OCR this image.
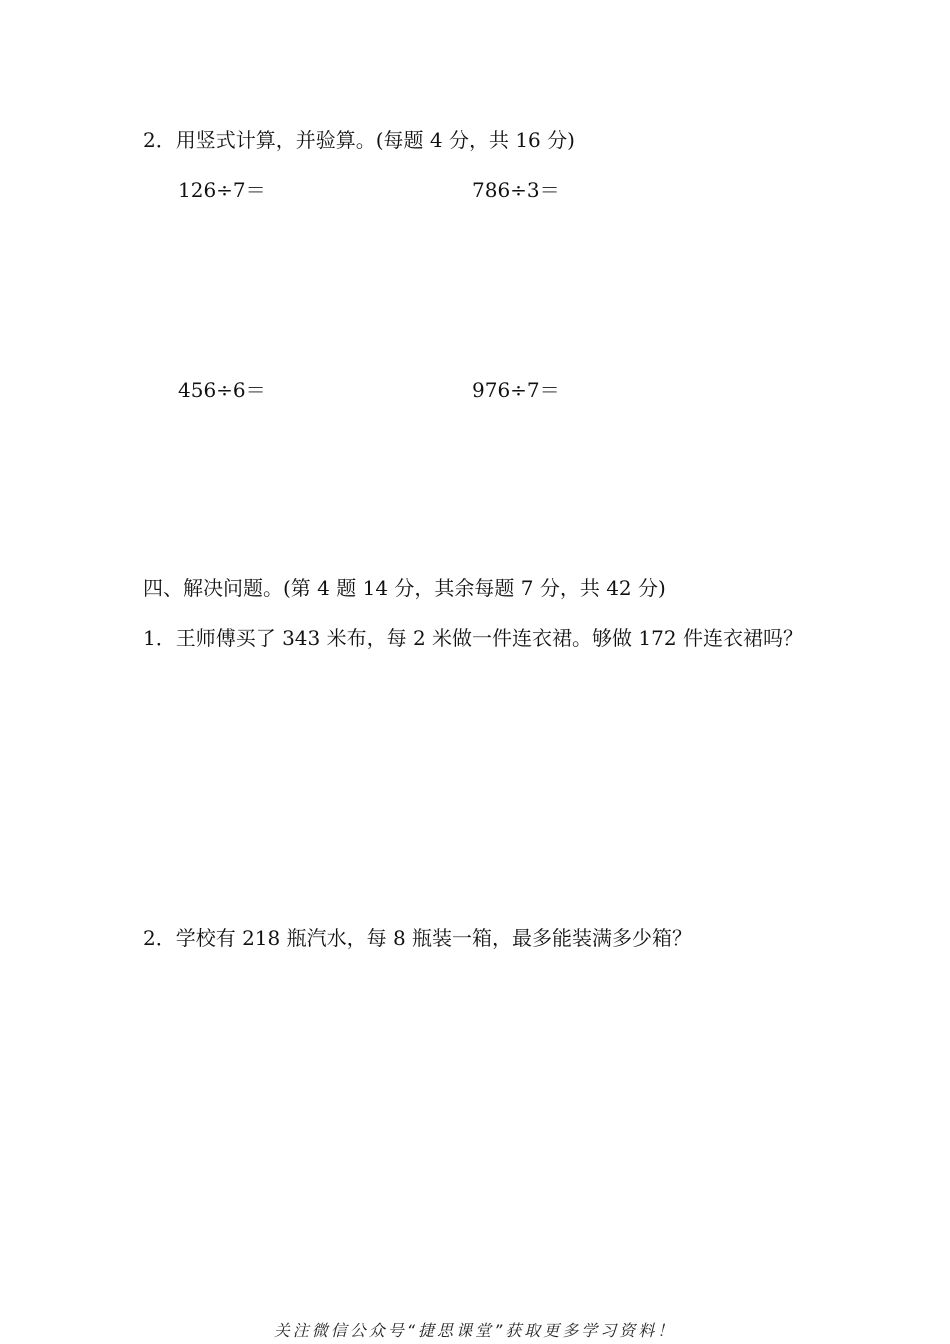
2．用竖式计算，并验算。(每题 4 分，共 16 分)
126÷7＝	786÷3＝
456÷6＝	976÷7＝
四、解决问题。(第 4 题 14 分，其余每题 7 分，共 42 分)
1．王师傅买了 343 米布，每 2 米做一件连衣裙。够做 172 件连衣裙吗？
2．学校有 218 瓶汽水，每 8 瓶装一箱，最多能装满多少箱？
关注微信公众号“捷思课堂”获取更多学习资料！
